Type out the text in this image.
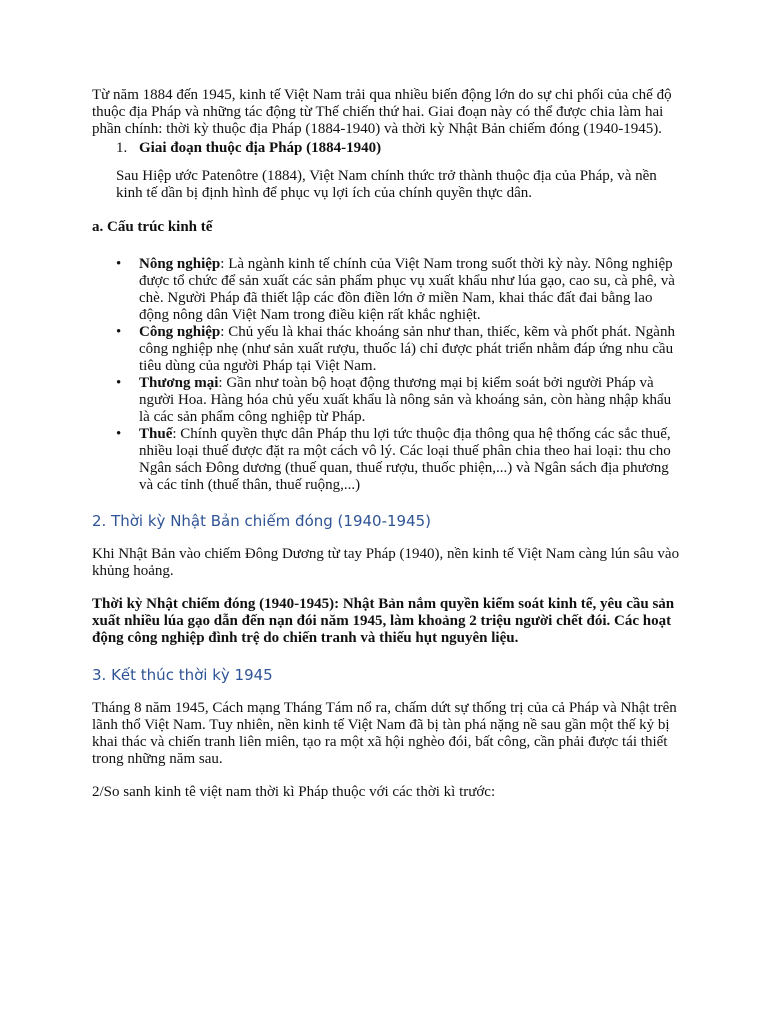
Từ năm 1884 đến 1945, kinh tế Việt Nam trải qua nhiều biến động lớn do sự chi phối của chế độ thuộc địa Pháp và những tác động từ Thế chiến thứ hai. Giai đoạn này có thể được chia làm hai phần chính: thời kỳ thuộc địa Pháp (1884-1940) và thời kỳ Nhật Bản chiếm đóng (1940-1945).

1. Giai đoạn thuộc địa Pháp (1884-1940)

Sau Hiệp ước Patenôtre (1884), Việt Nam chính thức trở thành thuộc địa của Pháp, và nền kinh tế dần bị định hình để phục vụ lợi ích của chính quyền thực dân.

a. Cấu trúc kinh tế

• Nông nghiệp: Là ngành kinh tế chính của Việt Nam trong suốt thời kỳ này. Nông nghiệp được tổ chức để sản xuất các sản phẩm phục vụ xuất khẩu như lúa gạo, cao su, cà phê, và chè. Người Pháp đã thiết lập các đồn điền lớn ở miền Nam, khai thác đất đai bằng lao động nông dân Việt Nam trong điều kiện rất khắc nghiệt.
• Công nghiệp: Chủ yếu là khai thác khoáng sản như than, thiếc, kẽm và phốt phát. Ngành công nghiệp nhẹ (như sản xuất rượu, thuốc lá) chỉ được phát triển nhằm đáp ứng nhu cầu tiêu dùng của người Pháp tại Việt Nam.
• Thương mại: Gần như toàn bộ hoạt động thương mại bị kiểm soát bởi người Pháp và người Hoa. Hàng hóa chủ yếu xuất khẩu là nông sản và khoáng sản, còn hàng nhập khẩu là các sản phẩm công nghiệp từ Pháp.
• Thuế: Chính quyền thực dân Pháp thu lợi tức thuộc địa thông qua hệ thống các sắc thuế, nhiều loại thuế được đặt ra một cách vô lý. Các loại thuế phân chia theo hai loại: thu cho Ngân sách Đông dương (thuế quan, thuế rượu, thuốc phiện,...) và Ngân sách địa phương và các tỉnh (thuế thân, thuế ruộng,...)

2. Thời kỳ Nhật Bản chiếm đóng (1940-1945)

Khi Nhật Bản vào chiếm Đông Dương từ tay Pháp (1940), nền kinh tế Việt Nam càng lún sâu vào khủng hoảng.

Thời kỳ Nhật chiếm đóng (1940-1945): Nhật Bản nắm quyền kiểm soát kinh tế, yêu cầu sản xuất nhiều lúa gạo dẫn đến nạn đói năm 1945, làm khoảng 2 triệu người chết đói. Các hoạt động công nghiệp đình trệ do chiến tranh và thiếu hụt nguyên liệu.

3. Kết thúc thời kỳ 1945

Tháng 8 năm 1945, Cách mạng Tháng Tám nổ ra, chấm dứt sự thống trị của cả Pháp và Nhật trên lãnh thổ Việt Nam. Tuy nhiên, nền kinh tế Việt Nam đã bị tàn phá nặng nề sau gần một thế kỷ bị khai thác và chiến tranh liên miên, tạo ra một xã hội nghèo đói, bất công, cần phải được tái thiết trong những năm sau.

2/So sanh kinh tê việt nam thời kì Pháp thuộc với các thời kì trước:
